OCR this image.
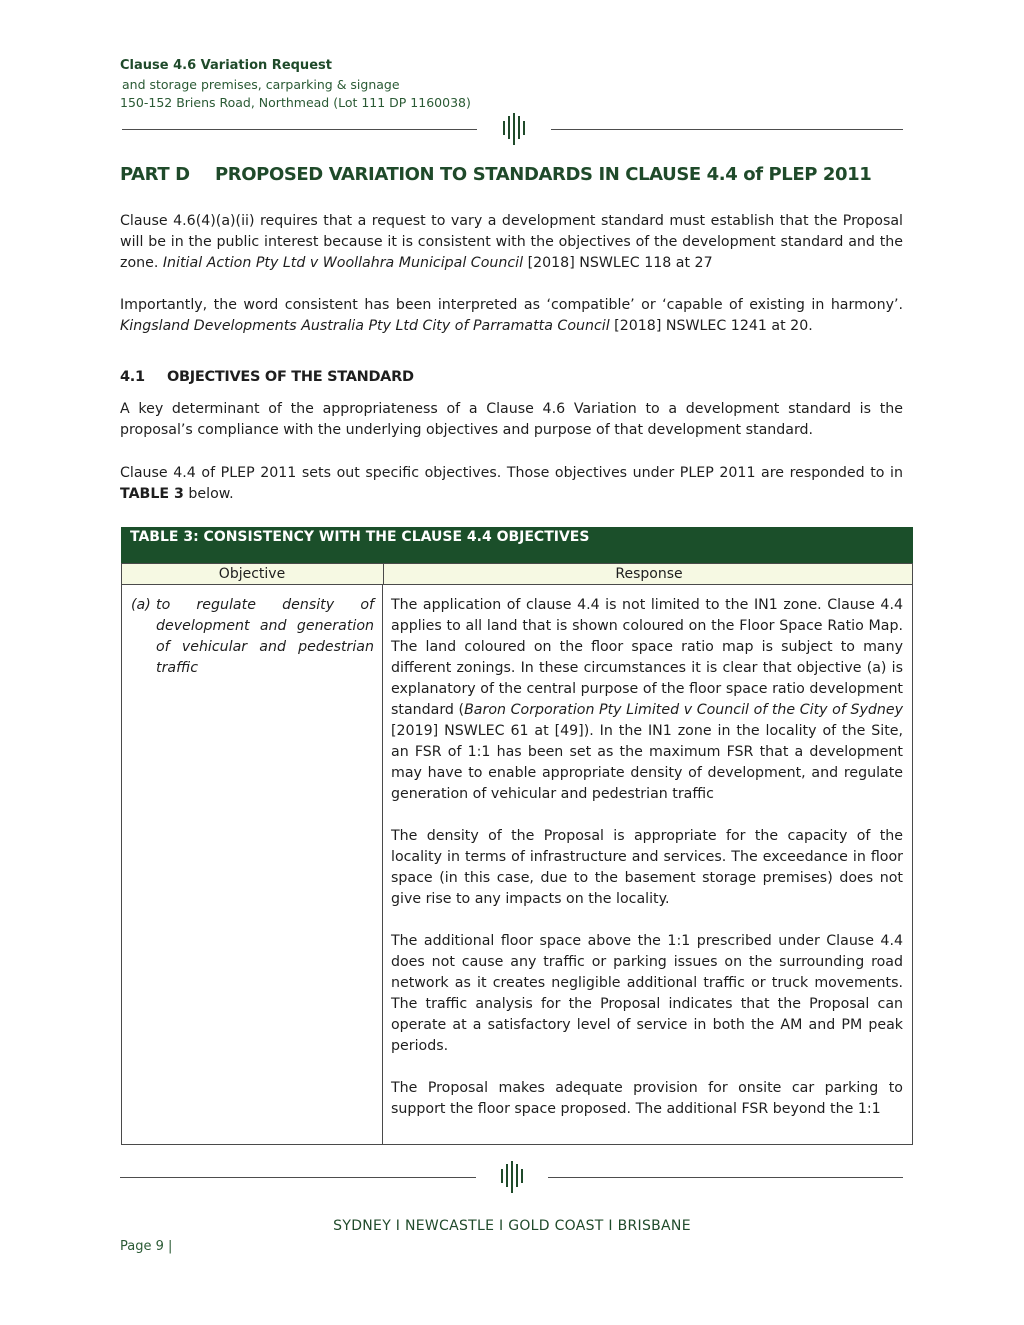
Clause 4.6 Variation Request
and storage premises, carparking & signage
150-152 Briens Road, Northmead (Lot 111 DP 1160038)
PART D PROPOSED VARIATION TO STANDARDS IN CLAUSE 4.4 of PLEP 2011

Clause 4.6(4)(a)(ii) requires that a request to vary a development standard must establish that the Proposal will be in the public interest because it is consistent with the objectives of the development standard and the zone. Initial Action Pty Ltd v Woollahra Municipal Council [2018] NSWLEC 118 at 27

Importantly, the word consistent has been interpreted as ‘compatible’ or ‘capable of existing in harmony’. Kingsland Developments Australia Pty Ltd City of Parramatta Council [2018] NSWLEC 1241 at 20.

4.1 OBJECTIVES OF THE STANDARD

A key determinant of the appropriateness of a Clause 4.6 Variation to a development standard is the proposal’s compliance with the underlying objectives and purpose of that development standard.

Clause 4.4 of PLEP 2011 sets out specific objectives. Those objectives under PLEP 2011 are responded to in TABLE 3 below.

TABLE 3: CONSISTENCY WITH THE CLAUSE 4.4 OBJECTIVES
Objective	Response
(a) to regulate density of development and generation of vehicular and pedestrian traffic

The application of clause 4.4 is not limited to the IN1 zone. Clause 4.4 applies to all land that is shown coloured on the Floor Space Ratio Map. The land coloured on the floor space ratio map is subject to many different zonings. In these circumstances it is clear that objective (a) is explanatory of the central purpose of the floor space ratio development standard (Baron Corporation Pty Limited v Council of the City of Sydney [2019] NSWLEC 61 at [49]). In the IN1 zone in the locality of the Site, an FSR of 1:1 has been set as the maximum FSR that a development may have to enable appropriate density of development, and regulate generation of vehicular and pedestrian traffic

The density of the Proposal is appropriate for the capacity of the locality in terms of infrastructure and services. The exceedance in floor space (in this case, due to the basement storage premises) does not give rise to any impacts on the locality.

The additional floor space above the 1:1 prescribed under Clause 4.4 does not cause any traffic or parking issues on the surrounding road network as it creates negligible additional traffic or truck movements. The traffic analysis for the Proposal indicates that the Proposal can operate at a satisfactory level of service in both the AM and PM peak periods.

The Proposal makes adequate provision for onsite car parking to support the floor space proposed. The additional FSR beyond the 1:1

SYDNEY I NEWCASTLE I GOLD COAST I BRISBANE
Page 9 |
